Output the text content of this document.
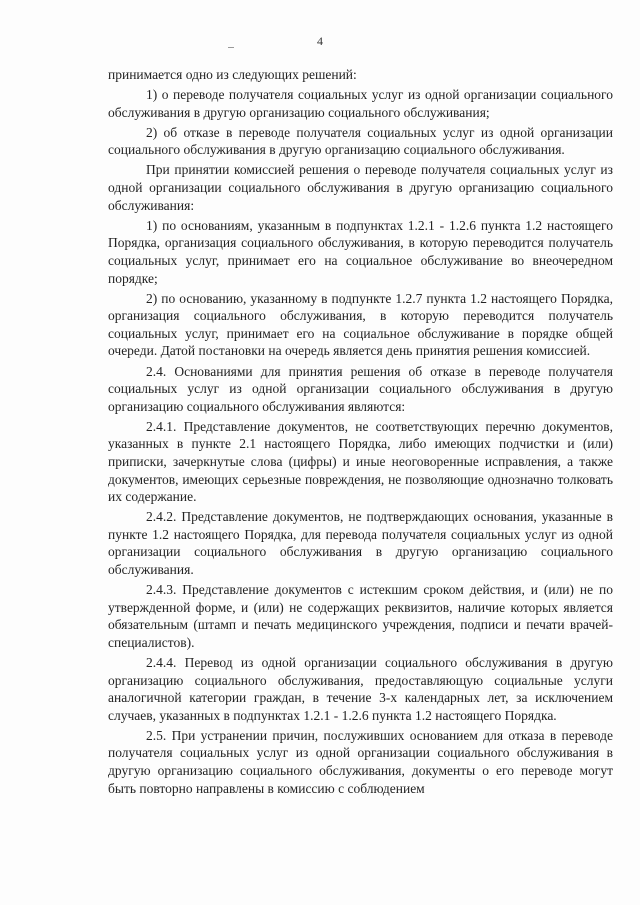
4

принимается одно из следующих решений:

1) о переводе получателя социальных услуг из одной организации социального обслуживания в другую организацию социального обслуживания;

2) об отказе в переводе получателя социальных услуг из одной организации социального обслуживания в другую организацию социального обслуживания.

При принятии комиссией решения о переводе получателя социальных услуг из одной организации социального обслуживания в другую организацию социального обслуживания:

1) по основаниям, указанным в подпунктах 1.2.1 - 1.2.6 пункта 1.2 настоящего Порядка, организация социального обслуживания, в которую переводится получатель социальных услуг, принимает его на социальное обслуживание во внеочередном порядке;

2) по основанию, указанному в подпункте 1.2.7 пункта 1.2 настоящего Порядка, организация социального обслуживания, в которую переводится получатель социальных услуг, принимает его на социальное обслуживание в порядке общей очереди. Датой постановки на очередь является день принятия решения комиссией.

2.4. Основаниями для принятия решения об отказе в переводе получателя социальных услуг из одной организации социального обслуживания в другую организацию социального обслуживания являются:

2.4.1. Представление документов, не соответствующих перечню документов, указанных в пункте 2.1 настоящего Порядка, либо имеющих подчистки и (или) приписки, зачеркнутые слова (цифры) и иные неоговоренные исправления, а также документов, имеющих серьезные повреждения, не позволяющие однозначно толковать их содержание.

2.4.2. Представление документов, не подтверждающих основания, указанные в пункте 1.2 настоящего Порядка, для перевода получателя социальных услуг из одной организации социального обслуживания в другую организацию социального обслуживания.

2.4.3. Представление документов с истекшим сроком действия, и (или) не по утвержденной форме, и (или) не содержащих реквизитов, наличие которых является обязательным (штамп и печать медицинского учреждения, подписи и печати врачей-специалистов).

2.4.4. Перевод из одной организации социального обслуживания в другую организацию социального обслуживания, предоставляющую социальные услуги аналогичной категории граждан, в течение 3-х календарных лет, за исключением случаев, указанных в подпунктах 1.2.1 - 1.2.6 пункта 1.2 настоящего Порядка.

2.5. При устранении причин, послуживших основанием для отказа в переводе получателя социальных услуг из одной организации социального обслуживания в другую организацию социального обслуживания, документы о его переводе могут быть повторно направлены в комиссию с соблюдением
